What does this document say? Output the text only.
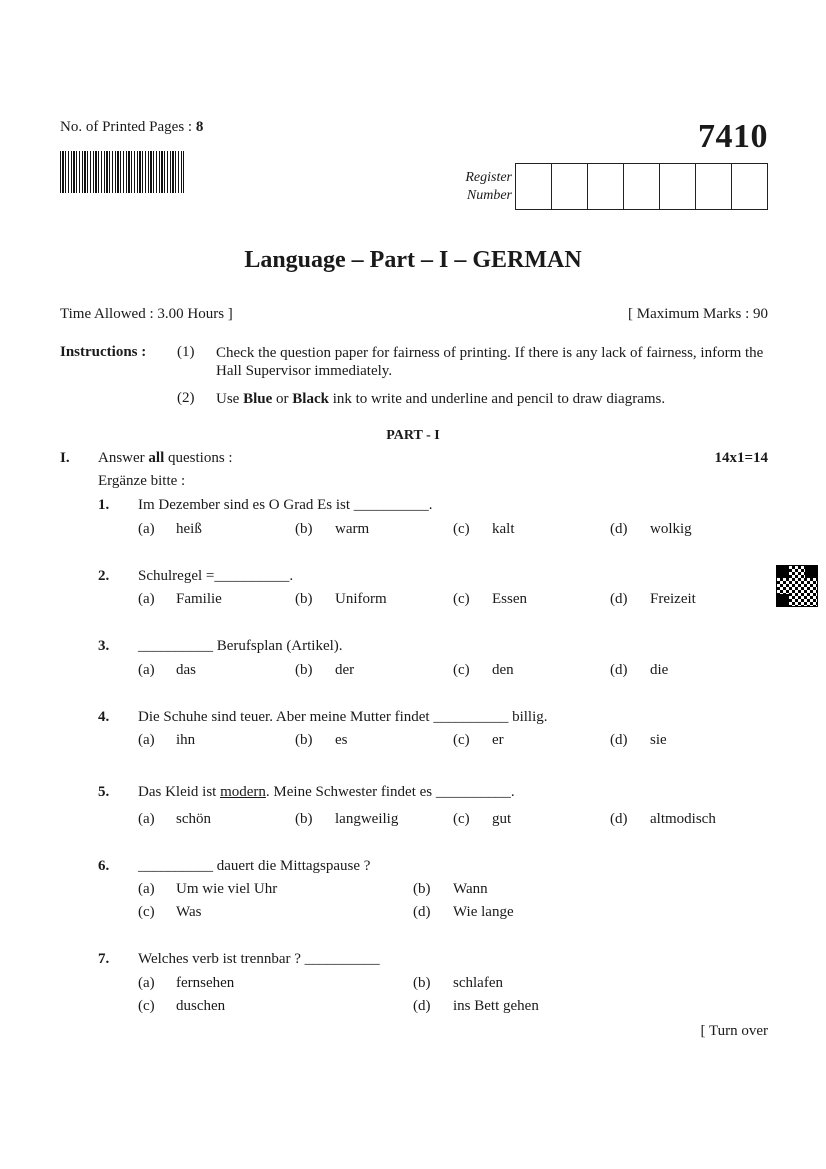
No. of Printed Pages : 8	7410
Register
Number
Language – Part – I – GERMAN
Time Allowed : 3.00 Hours ]	[ Maximum Marks : 90
Instructions : (1) Check the question paper for fairness of printing. If there is any lack of fairness, inform the Hall Supervisor immediately.
(2) Use Blue or Black ink to write and underline and pencil to draw diagrams.
PART - I
I. Answer all questions :	14x1=14
Ergänze bitte :
1. Im Dezember sind es O Grad Es ist __________.
(a) heiß	(b) warm	(c) kalt	(d) wolkig
2. Schulregel =__________.
(a) Familie	(b) Uniform	(c) Essen	(d) Freizeit
3. __________ Berufsplan (Artikel).
(a) das	(b) der	(c) den	(d) die
4. Die Schuhe sind teuer. Aber meine Mutter findet __________ billig.
(a) ihn	(b) es	(c) er	(d) sie
5. Das Kleid ist modern. Meine Schwester findet es __________.
(a) schön	(b) langweilig	(c) gut	(d) altmodisch
6. __________ dauert die Mittagspause ?
(a) Um wie viel Uhr	(b) Wann
(c) Was	(d) Wie lange
7. Welches verb ist trennbar ? __________
(a) fernsehen	(b) schlafen
(c) duschen	(d) ins Bett gehen
[ Turn over
